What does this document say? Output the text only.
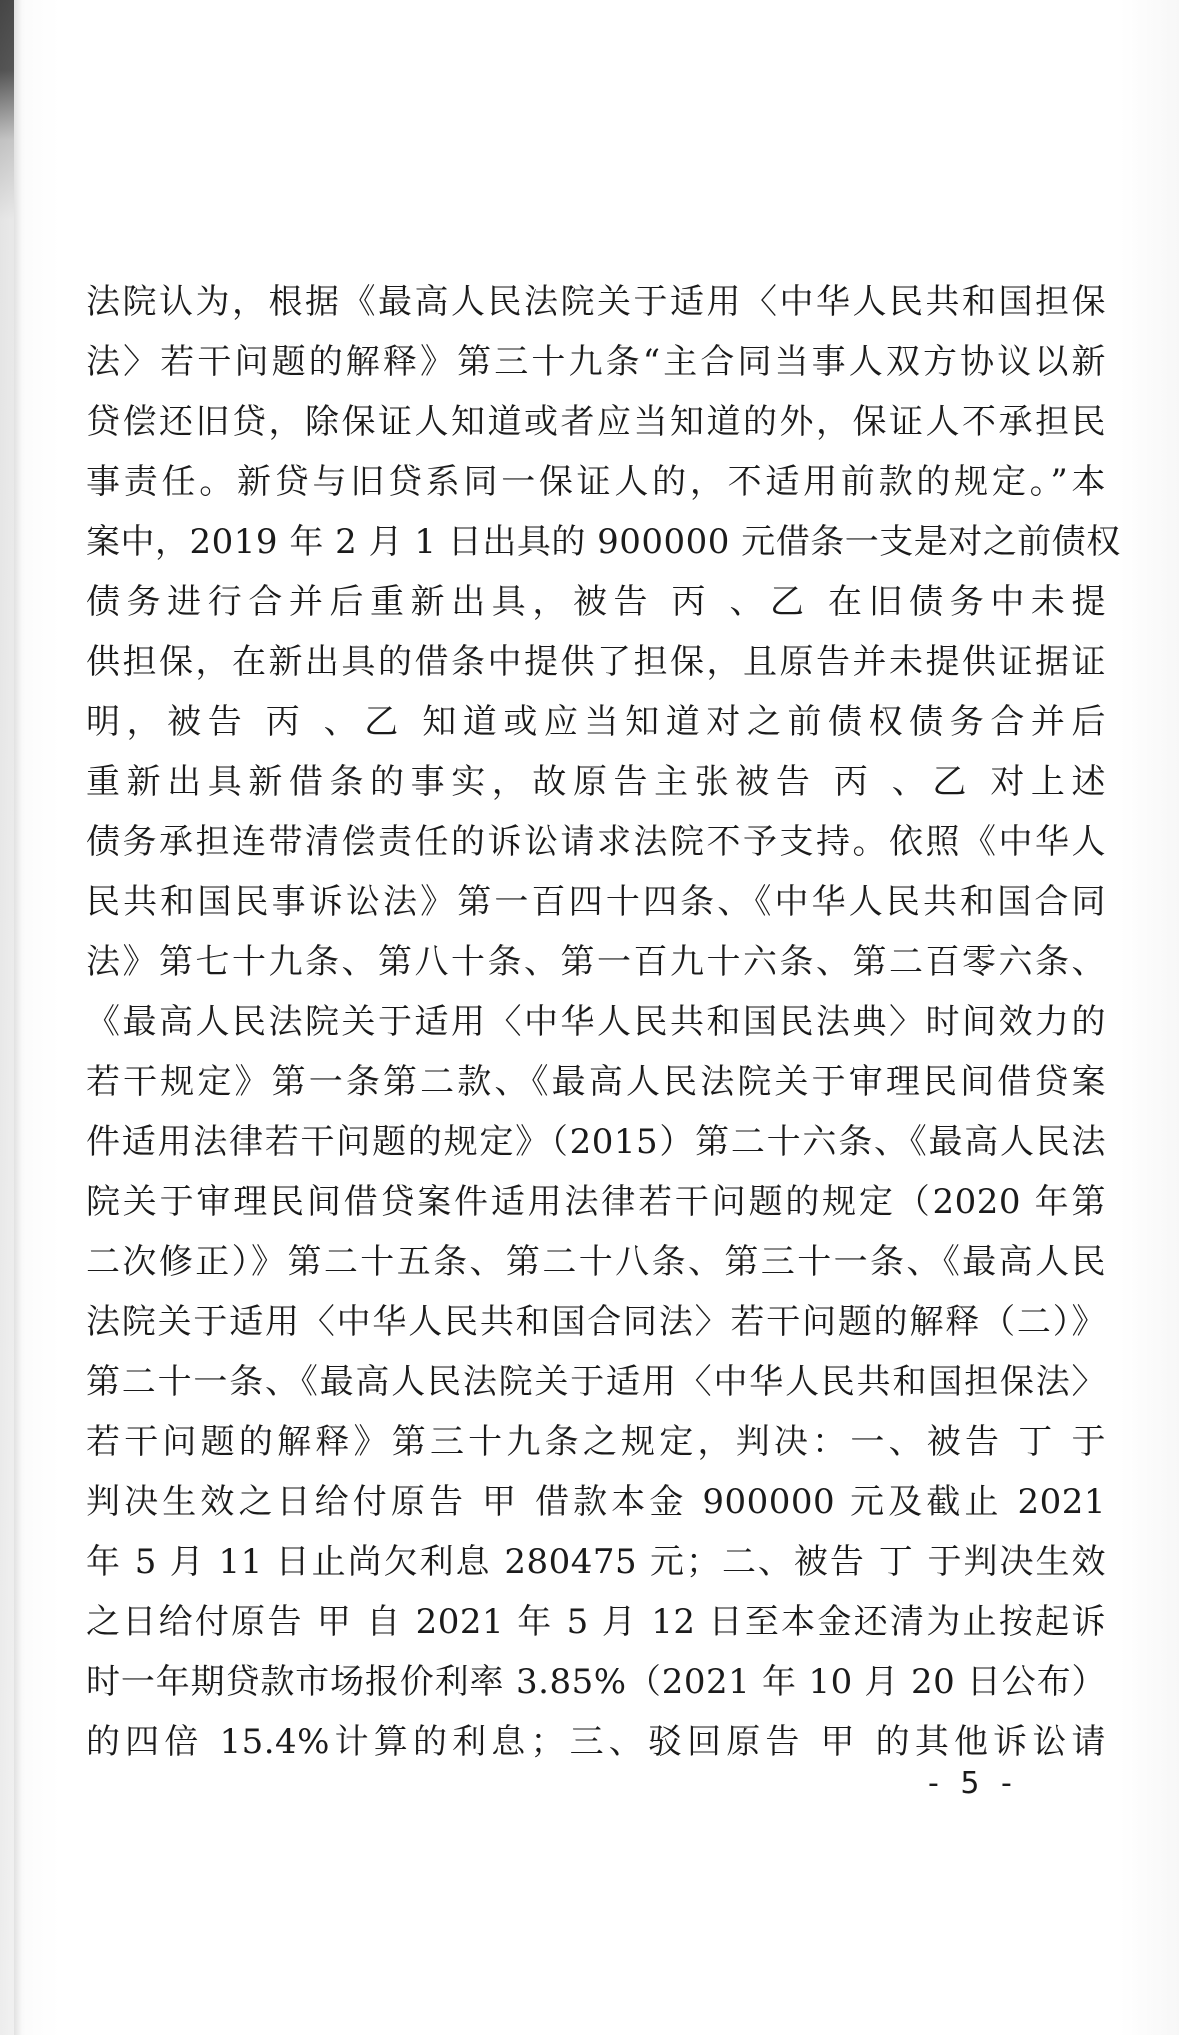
法院认为，根据《最高人民法院关于适用〈中华人民共和国担保

法〉若干问题的解释》第三十九条“主合同当事人双方协议以新

贷偿还旧贷，除保证人知道或者应当知道的外，保证人不承担民

事责任。新贷与旧贷系同一保证人的，不适用前款的规定。”本

案中，2019 年 2 月 1 日出具的 900000 元借条一支是对之前债权

债务进行合并后重新出具，被告 丙 、乙 在旧债务中未提

供担保，在新出具的借条中提供了担保，且原告并未提供证据证

明，被告 丙 、乙 知道或应当知道对之前债权债务合并后

重新出具新借条的事实，故原告主张被告 丙 、乙 对上述

债务承担连带清偿责任的诉讼请求法院不予支持。依照《中华人

民共和国民事诉讼法》第一百四十四条、《中华人民共和国合同

法》第七十九条、第八十条、第一百九十六条、第二百零六条、

《最高人民法院关于适用〈中华人民共和国民法典〉时间效力的

若干规定》第一条第二款、《最高人民法院关于审理民间借贷案

件适用法律若干问题的规定》（2015）第二十六条、《最高人民法

院关于审理民间借贷案件适用法律若干问题的规定（2020 年第

二次修正）》第二十五条、第二十八条、第三十一条、《最高人民

法院关于适用〈中华人民共和国合同法〉若干问题的解释（二）》

第二十一条、《最高人民法院关于适用〈中华人民共和国担保法〉

若干问题的解释》第三十九条之规定，判决：一、被告 丁 于

判决生效之日给付原告 甲 借款本金 900000 元及截止 2021

年 5 月 11 日止尚欠利息 280475 元；二、被告 丁 于判决生效

之日给付原告 甲 自 2021 年 5 月 12 日至本金还清为止按起诉

时一年期贷款市场报价利率 3.85%（2021 年 10 月 20 日公布）

的四倍 15.4%计算的利息；三、驳回原告 甲 的其他诉讼请

- 5 -
